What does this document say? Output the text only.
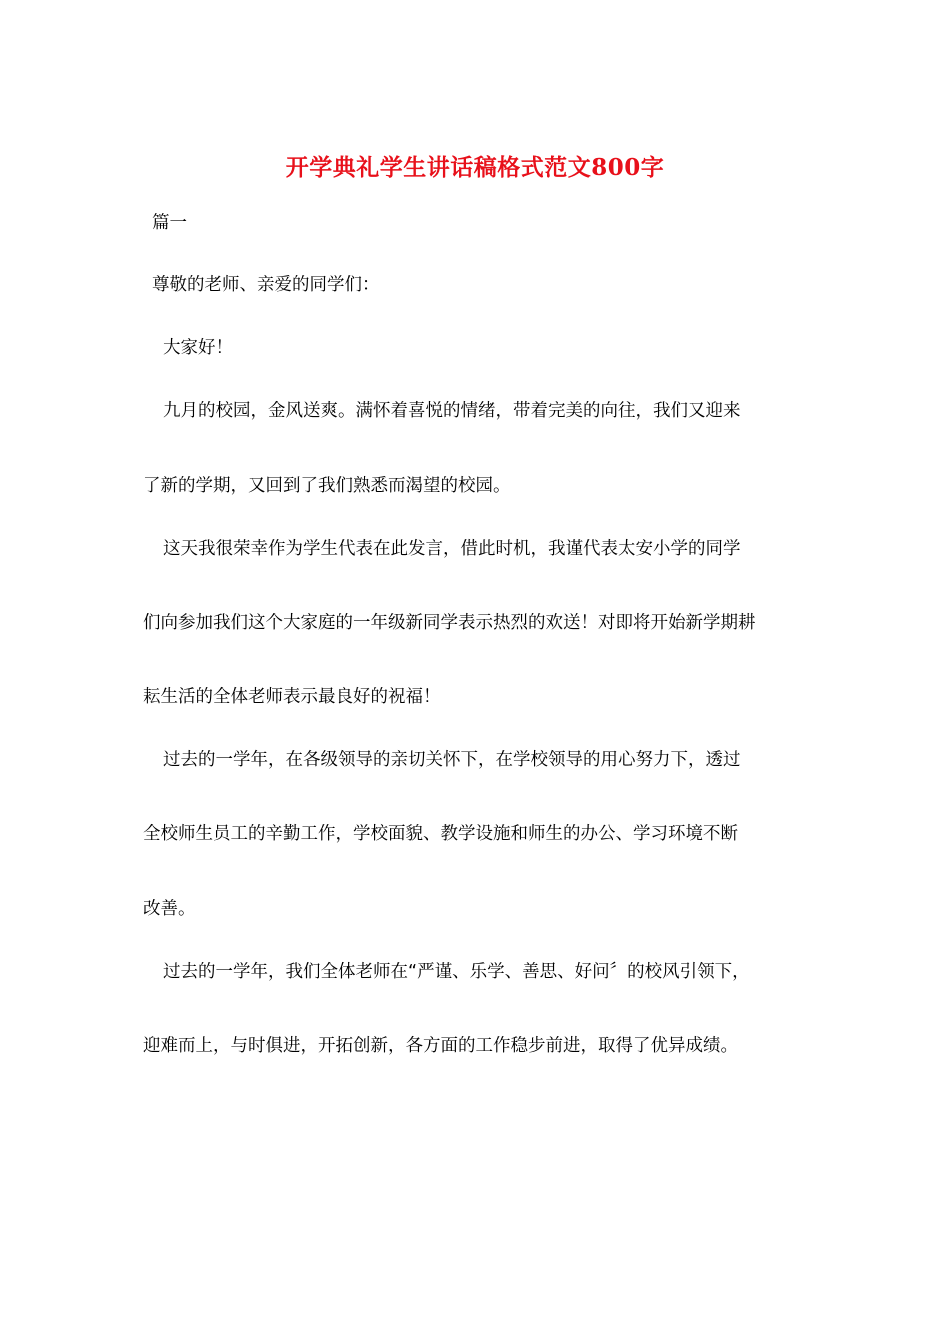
开学典礼学生讲话稿格式范文800字
篇一
尊敬的老师、亲爱的同学们：
大家好！
九月的校园，金风送爽。满怀着喜悦的情绪，带着完美的向往，我们又迎来
了新的学期，又回到了我们熟悉而渴望的校园。
这天我很荣幸作为学生代表在此发言，借此时机，我谨代表太安小学的同学
们向参加我们这个大家庭的一年级新同学表示热烈的欢送！对即将开始新学期耕
耘生活的全体老师表示最良好的祝福！
过去的一学年，在各级领导的亲切关怀下，在学校领导的用心努力下，透过
全校师生员工的辛勤工作，学校面貌、教学设施和师生的办公、学习环境不断
改善。
过去的一学年，我们全体老师在“严谨、乐学、善思、好问〞的校风引领下，
迎难而上，与时俱进，开拓创新，各方面的工作稳步前进，取得了优异成绩。
